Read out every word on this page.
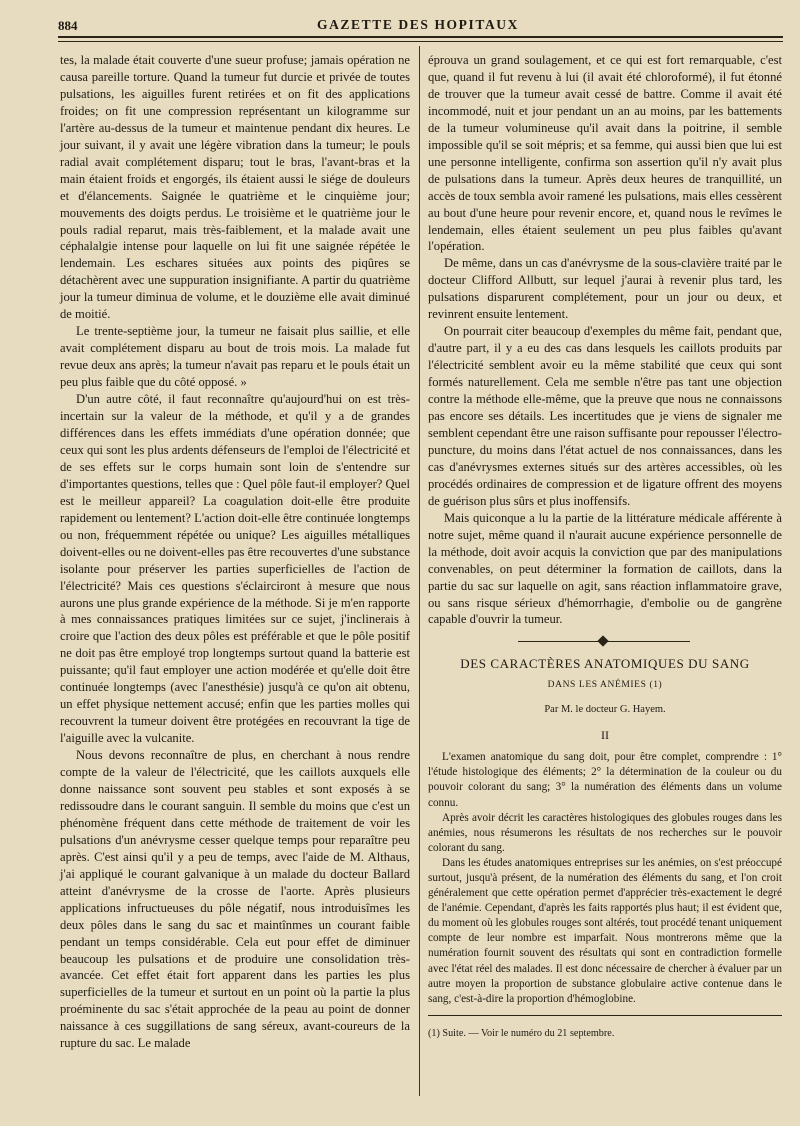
884	GAZETTE DES HOPITAUX

tes, la malade était couverte d'une sueur profuse; jamais opération ne causa pareille torture. Quand la tumeur fut durcie et privée de toutes pulsations, les aiguilles furent retirées et on fit des applications froides; on fit une compression représentant un kilogramme sur l'artère au-dessus de la tumeur et maintenue pendant dix heures. Le jour suivant, il y avait une légère vibration dans la tumeur; le pouls radial avait complétement disparu; tout le bras, l'avant-bras et la main étaient froids et engorgés, ils étaient aussi le siége de douleurs et d'élancements. Saignée le quatrième et le cinquième jour; mouvements des doigts perdus. Le troisième et le quatrième jour le pouls radial reparut, mais très-faiblement, et la malade avait une céphalalgie intense pour laquelle on lui fit une saignée répétée le lendemain. Les eschares situées aux points des piqûres se détachèrent avec une suppuration insignifiante. A partir du quatrième jour la tumeur diminua de volume, et le douzième elle avait diminué de moitié.

Le trente-septième jour, la tumeur ne faisait plus saillie, et elle avait complétement disparu au bout de trois mois. La malade fut revue deux ans après; la tumeur n'avait pas reparu et le pouls était un peu plus faible que du côté opposé. »

D'un autre côté, il faut reconnaître qu'aujourd'hui on est très-incertain sur la valeur de la méthode, et qu'il y a de grandes différences dans les effets immédiats d'une opération donnée; que ceux qui sont les plus ardents défenseurs de l'emploi de l'électricité et de ses effets sur le corps humain sont loin de s'entendre sur d'importantes questions, telles que : Quel pôle faut-il employer? Quel est le meilleur appareil? La coagulation doit-elle être produite rapidement ou lentement? L'action doit-elle être continuée longtemps ou non, fréquemment répétée ou unique? Les aiguilles métalliques doivent-elles ou ne doivent-elles pas être recouvertes d'une substance isolante pour préserver les parties superficielles de l'action de l'électricité? Mais ces questions s'éclairciront à mesure que nous aurons une plus grande expérience de la méthode. Si je m'en rapporte à mes connaissances pratiques limitées sur ce sujet, j'inclinerais à croire que l'action des deux pôles est préférable et que le pôle positif ne doit pas être employé trop longtemps surtout quand la batterie est puissante; qu'il faut employer une action modérée et qu'elle doit être continuée longtemps (avec l'anesthésie) jusqu'à ce qu'on ait obtenu, un effet physique nettement accusé; enfin que les parties molles qui recouvrent la tumeur doivent être protégées en recouvrant la tige de l'aiguille avec la vulcanite.

Nous devons reconnaître de plus, en cherchant à nous rendre compte de la valeur de l'électricité, que les caillots auxquels elle donne naissance sont souvent peu stables et sont exposés à se redissoudre dans le courant sanguin. Il semble du moins que c'est un phénomène fréquent dans cette méthode de traitement de voir les pulsations d'un anévrysme cesser quelque temps pour reparaître peu après. C'est ainsi qu'il y a peu de temps, avec l'aide de M. Althaus, j'ai appliqué le courant galvanique à un malade du docteur Ballard atteint d'anévrysme de la crosse de l'aorte. Après plusieurs applications infructueuses du pôle négatif, nous introduisîmes les deux pôles dans le sang du sac et maintînmes un courant faible pendant un temps considérable. Cela eut pour effet de diminuer beaucoup les pulsations et de produire une consolidation très-avancée. Cet effet était fort apparent dans les parties les plus superficielles de la tumeur et surtout en un point où la partie la plus proéminente du sac s'était approchée de la peau au point de donner naissance à ces suggillations de sang séreux, avant-coureurs de la rupture du sac. Le malade

éprouva un grand soulagement, et ce qui est fort remarquable, c'est que, quand il fut revenu à lui (il avait été chloroformé), il fut étonné de trouver que la tumeur avait cessé de battre. Comme il avait été incommodé, nuit et jour pendant un an au moins, par les battements de la tumeur volumineuse qu'il avait dans la poitrine, il semble impossible qu'il se soit mépris; et sa femme, qui aussi bien que lui est une personne intelligente, confirma son assertion qu'il n'y avait plus de pulsations dans la tumeur. Après deux heures de tranquillité, un accès de toux sembla avoir ramené les pulsations, mais elles cessèrent au bout d'une heure pour revenir encore, et, quand nous le revîmes le lendemain, elles étaient seulement un peu plus faibles qu'avant l'opération.

De même, dans un cas d'anévrysme de la sous-clavière traité par le docteur Clifford Allbutt, sur lequel j'aurai à revenir plus tard, les pulsations disparurent complétement, pour un jour ou deux, et revinrent ensuite lentement.

On pourrait citer beaucoup d'exemples du même fait, pendant que, d'autre part, il y a eu des cas dans lesquels les caillots produits par l'électricité semblent avoir eu la même stabilité que ceux qui sont formés naturellement. Cela me semble n'être pas tant une objection contre la méthode elle-même, que la preuve que nous ne connaissons pas encore ses détails. Les incertitudes que je viens de signaler me semblent cependant être une raison suffisante pour repousser l'électro-puncture, du moins dans l'état actuel de nos connaissances, dans les cas d'anévrysmes externes situés sur des artères accessibles, où les procédés ordinaires de compression et de ligature offrent des moyens de guérison plus sûrs et plus inoffensifs.

Mais quiconque a lu la partie de la littérature médicale afférente à notre sujet, même quand il n'aurait aucune expérience personnelle de la méthode, doit avoir acquis la conviction que par des manipulations convenables, on peut déterminer la formation de caillots, dans la partie du sac sur laquelle on agit, sans réaction inflammatoire grave, ou sans risque sérieux d'hémorrhagie, d'embolie ou de gangrène capable d'ouvrir la tumeur.

DES CARACTÈRES ANATOMIQUES DU SANG
DANS LES ANÉMIES (1)
Par M. le docteur G. Hayem.
II

L'examen anatomique du sang doit, pour être complet, comprendre : 1° l'étude histologique des éléments; 2° la détermination de la couleur ou du pouvoir colorant du sang; 3° la numération des éléments dans un volume connu.

Après avoir décrit les caractères histologiques des globules rouges dans les anémies, nous résumerons les résultats de nos recherches sur le pouvoir colorant du sang.

Dans les études anatomiques entreprises sur les anémies, on s'est préoccupé surtout, jusqu'à présent, de la numération des éléments du sang, et l'on croit généralement que cette opération permet d'apprécier très-exactement le degré de l'anémie. Cependant, d'après les faits rapportés plus haut; il est évident que, du moment où les globules rouges sont altérés, tout procédé tenant uniquement compte de leur nombre est imparfait. Nous montrerons même que la numération fournit souvent des résultats qui sont en contradiction formelle avec l'état réel des malades. Il est donc nécessaire de chercher à évaluer par un autre moyen la proportion de substance globulaire active contenue dans le sang, c'est-à-dire la proportion d'hémoglobine.

(1) Suite. — Voir le numéro du 21 septembre.
